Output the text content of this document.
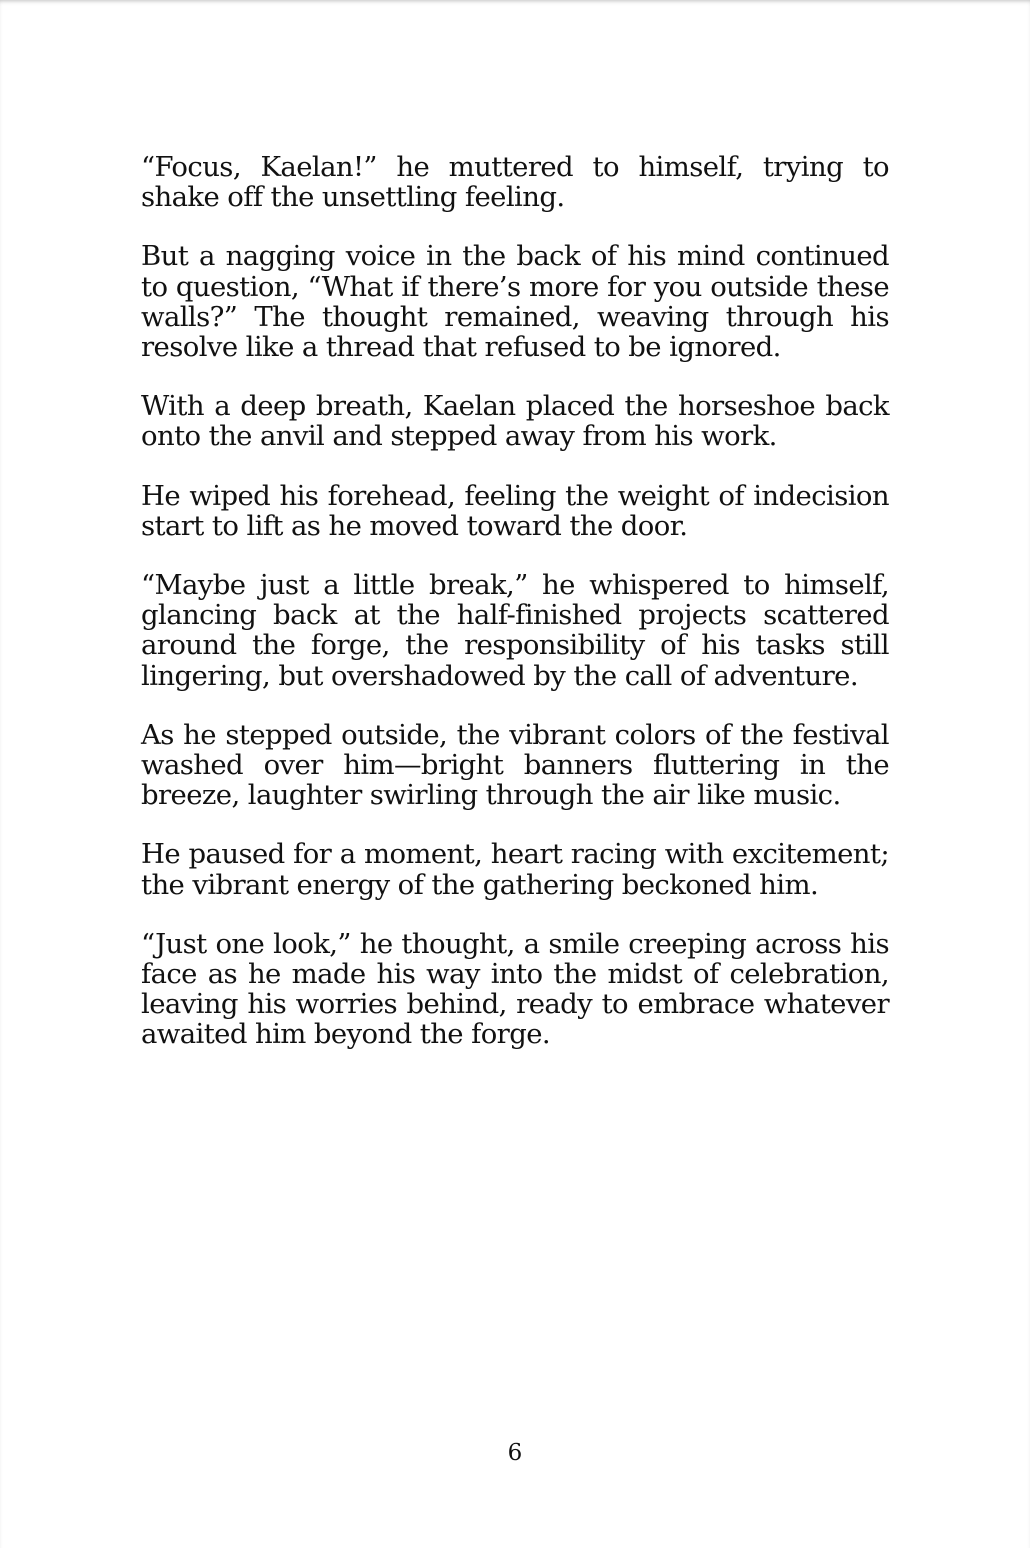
“Focus, Kaelan!” he muttered to himself, trying to shake off the unsettling feeling.

But a nagging voice in the back of his mind continued to question, “What if there’s more for you outside these walls?” The thought remained, weaving through his resolve like a thread that refused to be ignored.

With a deep breath, Kaelan placed the horseshoe back onto the anvil and stepped away from his work.

He wiped his forehead, feeling the weight of indecision start to lift as he moved toward the door.

“Maybe just a little break,” he whispered to himself, glancing back at the half-finished projects scattered around the forge, the responsibility of his tasks still lingering, but overshadowed by the call of adventure.

As he stepped outside, the vibrant colors of the festival washed over him—bright banners fluttering in the breeze, laughter swirling through the air like music.

He paused for a moment, heart racing with excitement; the vibrant energy of the gathering beckoned him.

“Just one look,” he thought, a smile creeping across his face as he made his way into the midst of celebration, leaving his worries behind, ready to embrace whatever awaited him beyond the forge.

6
